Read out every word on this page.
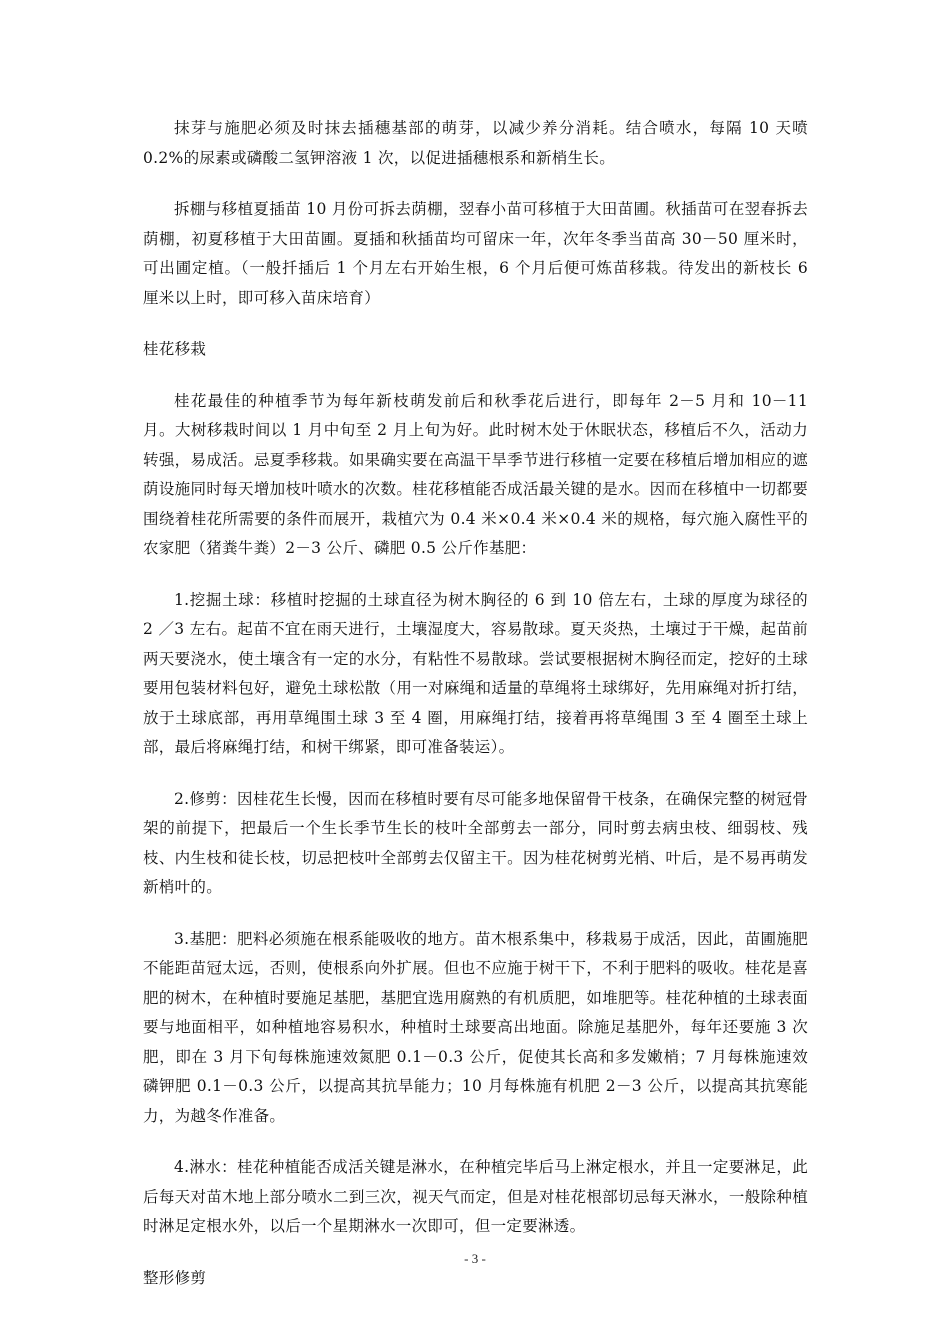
抹芽与施肥必须及时抹去插穗基部的萌芽，以减少养分消耗。结合喷水，每隔 10 天喷 0.2%的尿素或磷酸二氢钾溶液 1 次，以促进插穗根系和新梢生长。

拆棚与移植夏插苗 10 月份可拆去荫棚，翌春小苗可移植于大田苗圃。秋插苗可在翌春拆去荫棚，初夏移植于大田苗圃。夏插和秋插苗均可留床一年，次年冬季当苗高 30－50 厘米时，可出圃定植。（一般扦插后 1 个月左右开始生根，6 个月后便可炼苗移栽。待发出的新枝长 6 厘米以上时，即可移入苗床培育）

桂花移栽

桂花最佳的种植季节为每年新枝萌发前后和秋季花后进行，即每年 2－5 月和 10－11 月。大树移栽时间以 1 月中旬至 2 月上旬为好。此时树木处于休眠状态，移植后不久，活动力转强，易成活。忌夏季移栽。如果确实要在高温干旱季节进行移植一定要在移植后增加相应的遮荫设施同时每天增加枝叶喷水的次数。桂花移植能否成活最关键的是水。因而在移植中一切都要围绕着桂花所需要的条件而展开，栽植穴为 0.4 米×0.4 米×0.4 米的规格，每穴施入腐性平的农家肥（猪粪牛粪）2－3 公斤、磷肥 0.5 公斤作基肥：

1.挖掘土球：移植时挖掘的土球直径为树木胸径的 6 到 10 倍左右，土球的厚度为球径的 2 ／3 左右。起苗不宜在雨天进行，土壤湿度大，容易散球。夏天炎热，土壤过于干燥，起苗前两天要浇水，使土壤含有一定的水分，有粘性不易散球。尝试要根据树木胸径而定，挖好的土球要用包装材料包好，避免土球松散（用一对麻绳和适量的草绳将土球绑好，先用麻绳对折打结，放于土球底部，再用草绳围土球 3 至 4 圈，用麻绳打结，接着再将草绳围 3 至 4 圈至土球上部，最后将麻绳打结，和树干绑紧，即可准备装运）。

2.修剪：因桂花生长慢，因而在移植时要有尽可能多地保留骨干枝条，在确保完整的树冠骨架的前提下，把最后一个生长季节生长的枝叶全部剪去一部分，同时剪去病虫枝、细弱枝、残枝、内生枝和徒长枝，切忌把枝叶全部剪去仅留主干。因为桂花树剪光梢、叶后，是不易再萌发新梢叶的。

3.基肥：肥料必须施在根系能吸收的地方。苗木根系集中，移栽易于成活，因此，苗圃施肥不能距苗冠太远，否则，使根系向外扩展。但也不应施于树干下，不利于肥料的吸收。桂花是喜肥的树木，在种植时要施足基肥，基肥宜选用腐熟的有机质肥，如堆肥等。桂花种植的土球表面要与地面相平，如种植地容易积水，种植时土球要高出地面。除施足基肥外，每年还要施 3 次肥，即在 3 月下旬每株施速效氮肥 0.1－0.3 公斤，促使其长高和多发嫩梢；7 月每株施速效磷钾肥 0.1－0.3 公斤，以提高其抗旱能力；10 月每株施有机肥 2－3 公斤，以提高其抗寒能力，为越冬作准备。

4.淋水：桂花种植能否成活关键是淋水，在种植完毕后马上淋定根水，并且一定要淋足，此后每天对苗木地上部分喷水二到三次，视天气而定，但是对桂花根部切忌每天淋水，一般除种植时淋足定根水外，以后一个星期淋水一次即可，但一定要淋透。

整形修剪

- 3 -
